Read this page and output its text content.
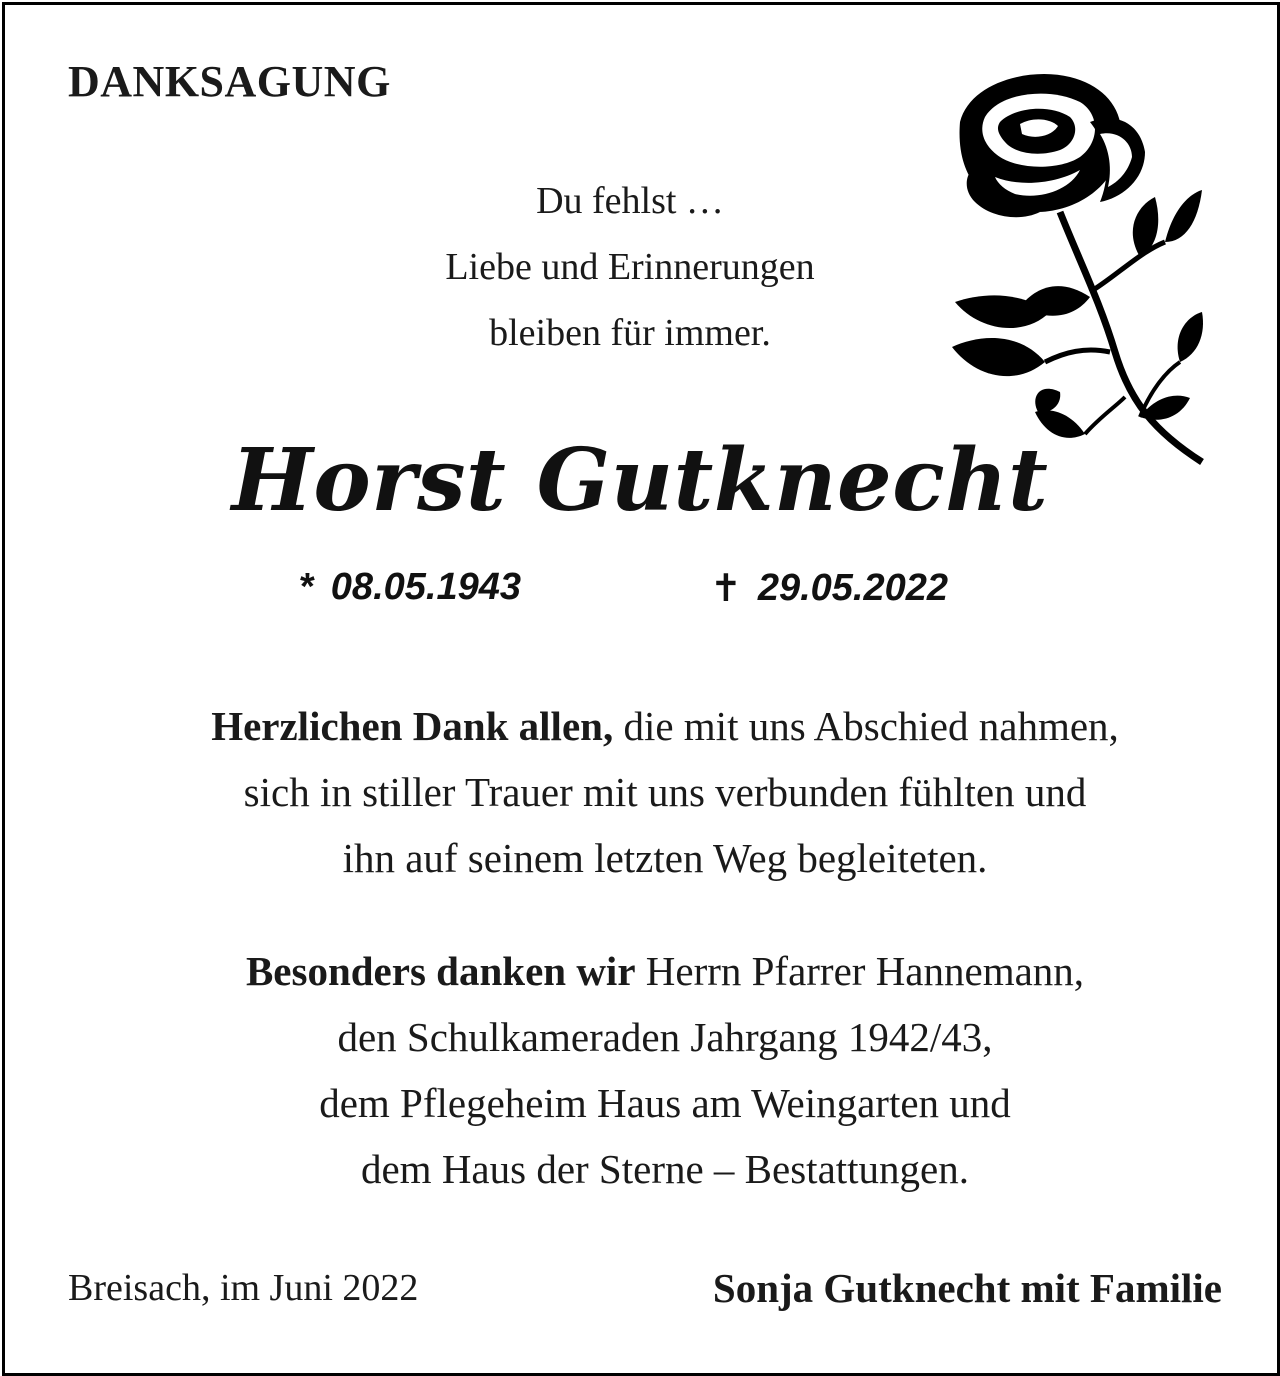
DANKSAGUNG
Du fehlst …
Liebe und Erinnerungen
bleiben für immer.
Horst Gutknecht
* 08.05.1943	✝ 29.05.2022
Herzlichen Dank allen, die mit uns Abschied nahmen,
sich in stiller Trauer mit uns verbunden fühlten und
ihn auf seinem letzten Weg begleiteten.
Besonders danken wir Herrn Pfarrer Hannemann,
den Schulkameraden Jahrgang 1942/43,
dem Pflegeheim Haus am Weingarten und
dem Haus der Sterne – Bestattungen.
Breisach, im Juni 2022	Sonja Gutknecht mit Familie
